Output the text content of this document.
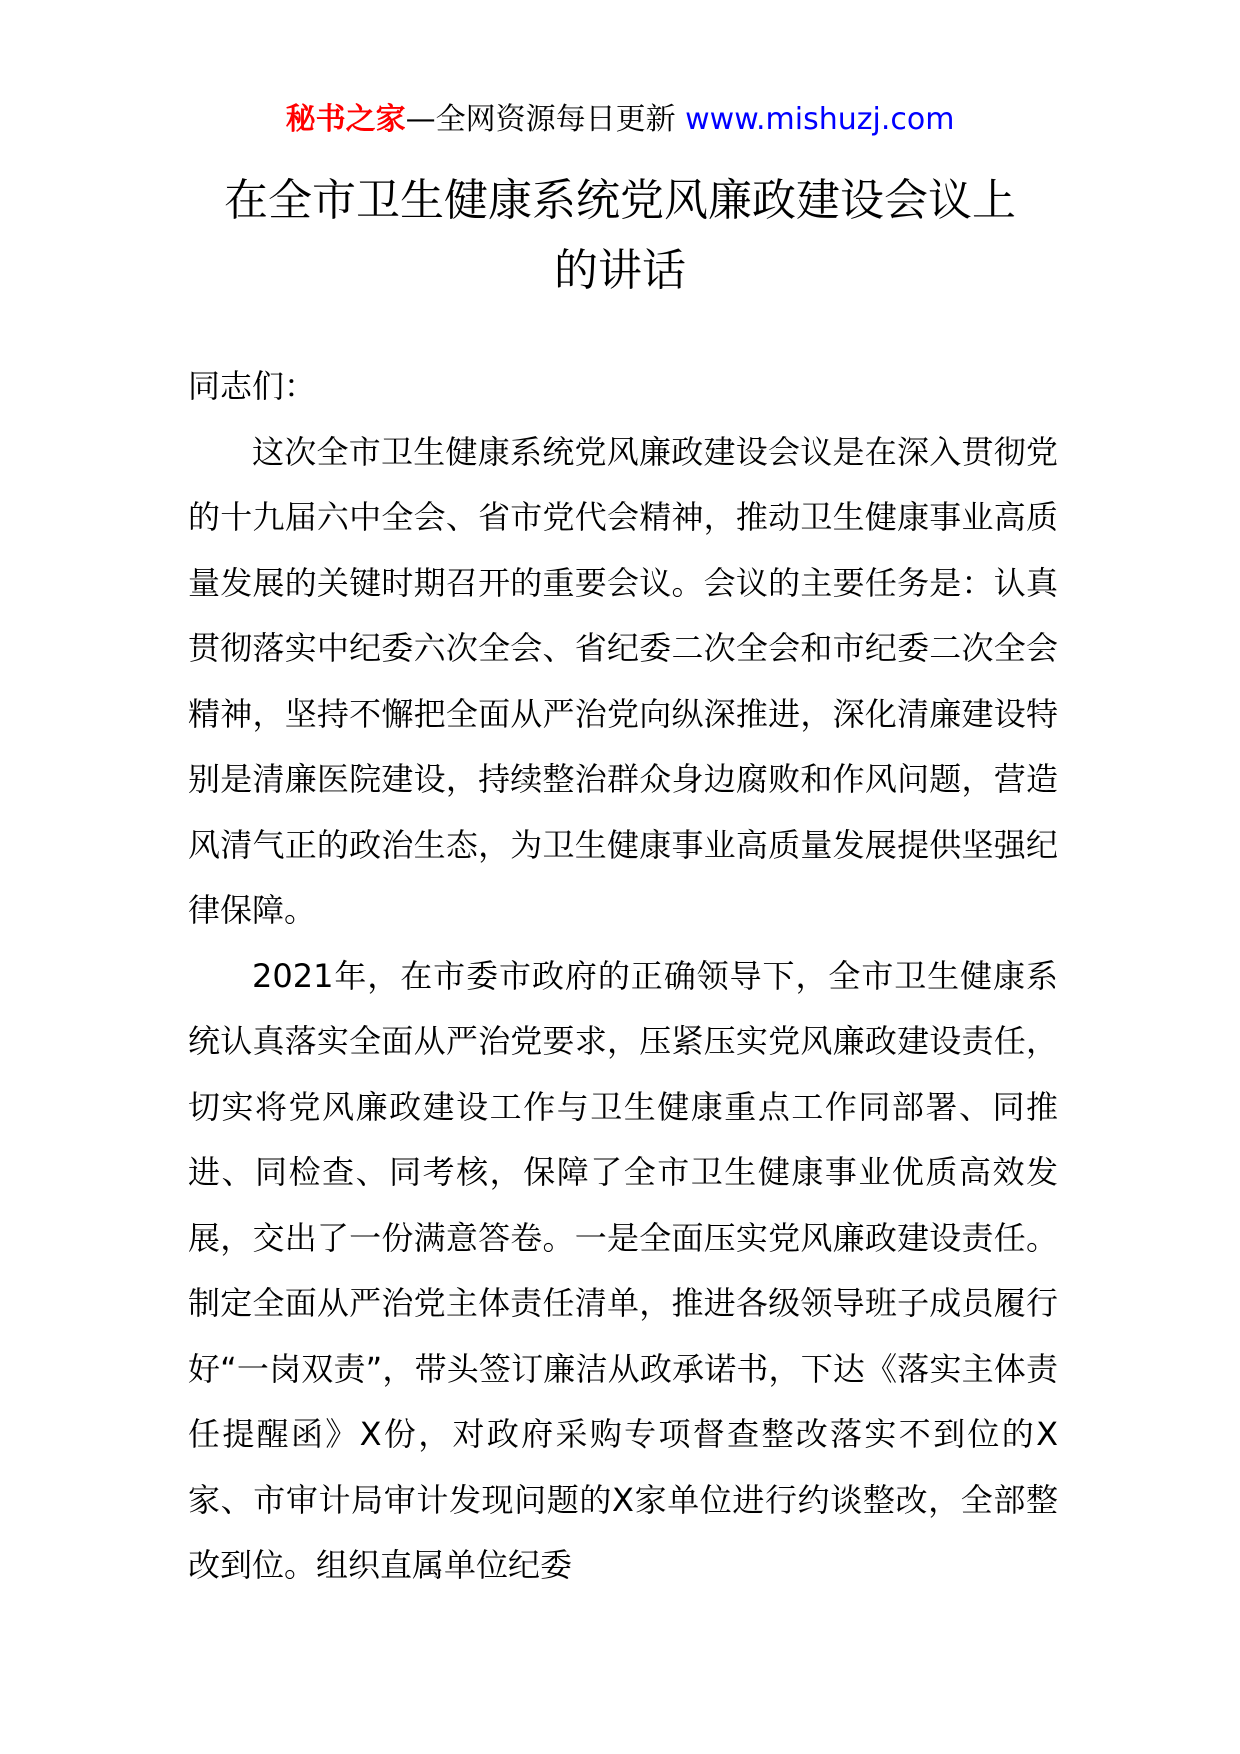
秘书之家—全网资源每日更新 www.mishuzj.com
在全市卫生健康系统党风廉政建设会议上
的讲话

同志们：

这次全市卫生健康系统党风廉政建设会议是在深入贯彻党的十九届六中全会、省市党代会精神，推动卫生健康事业高质量发展的关键时期召开的重要会议。会议的主要任务是：认真贯彻落实中纪委六次全会、省纪委二次全会和市纪委二次全会精神，坚持不懈把全面从严治党向纵深推进，深化清廉建设特别是清廉医院建设，持续整治群众身边腐败和作风问题，营造风清气正的政治生态，为卫生健康事业高质量发展提供坚强纪律保障。

2021年，在市委市政府的正确领导下，全市卫生健康系统认真落实全面从严治党要求，压紧压实党风廉政建设责任，切实将党风廉政建设工作与卫生健康重点工作同部署、同推进、同检查、同考核，保障了全市卫生健康事业优质高效发展，交出了一份满意答卷。一是全面压实党风廉政建设责任。制定全面从严治党主体责任清单，推进各级领导班子成员履行好“一岗双责”，带头签订廉洁从政承诺书，下达《落实主体责任提醒函》X份，对政府采购专项督查整改落实不到位的X家、市审计局审计发现问题的X家单位进行约谈整改，全部整改到位。组织直属单位纪委
